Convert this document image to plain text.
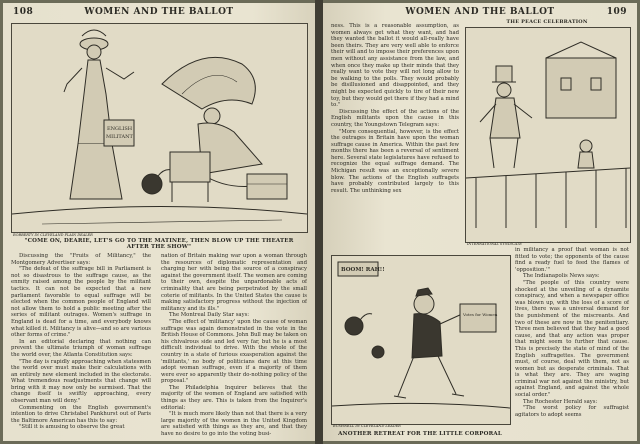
108	WOMEN AND THE BALLOT
ENGLISH
MILITANT
ROBBERTY IN CLEVELAND PLAIN DEALER
"COME ON, DEARIE, LET'S GO TO THE MATINEE, THEN BLOW UP THE THEATER AFTER THE SHOW"

Discussing the "Fruits of Militancy," the Montgomery Advertiser says:

"The defeat of the suffrage bill in Parliament is not so disastrous to the suffrage cause, as the enmity raised among the people by the militant tactics. It can not be expected that a new parliament favorable to equal suffrage will be elected when the common people of England will not allow them to hold a public meeting after the series of militant outrages. Women's suffrage in England is dead for a time, and everybody knows what killed it. Militancy is alive—and so are various other forms of crime."

In an editorial declaring that nothing can prevent the ultimate triumph of woman suffrage the world over, the Atlanta Constitution says:

"The day is rapidly approaching when statesmen the world over must make their calculations with an entirely new element included in the electorate. What tremendous readjustments that change will bring with it may now only be surmised. That the change itself is swiftly approaching, every observant man will deny."

Commenting on the English government's intention to drive Christabel Pankhurst out of Paris the Baltimore American has this to say:

"Still it is amusing to observe the great

nation of Britain making war upon a woman through the resources of diplomatic representation and charging her with being the source of a conspiracy against the government itself. The women are coming to their own, despite the unpardonable acts of criminality that are being perpetrated by the small coterie of militants. In the United States the cause is making satisfactory progress without the injection of militancy and its ills."

The Montreal Daily Star says:

"The effect of 'militancy' upon the cause of woman suffrage was again demonstrated in the vote in the British House of Commons. John Bull may be taken on his chivalrous side and led very far, but he is a most difficult individual to drive. With the whole of the country in a state of furious exasperation against the 'militants,' no body of politicians dare at this time adopt woman suffrage, even if a majority of them were ever so apparently their do-nothing policy of the proposal."

The Philadelphia Inquirer believes that the majority of the women of England are satisfied with things as they are. This is taken from the Inquirer's editorial:

"It is much more likely than not that there is a very large majority of the women in the United Kingdom are satisfied with things as they are, and that they have no desire to go into the voting busi-

WOMEN AND THE BALLOT	109

ness. This is a reasonable assumption, as women always get what they want, and had they wanted the ballot it would all-really have been theirs. They are very well able to enforce their will and to impose their preferences upon men without any assistance from the law, and when once they make up their minds that they really want to vote they will not long allow to be walking to the polls. They would probably be disillusioned and disappointed, and they might be expected quickly to tire of their new toy, but they would get there if they had a mind to."

Discussing the effect of the actions of the English militants upon the cause in this country, the Youngstown Telegram says:

"More consequential, however, is the effect the outrages in Britain have upon the woman suffrage cause in America. Within the past few months there has been a reversal of sentiment here. Several state legislatures have refused to recognize the equal suffrage demand. The Michigan result was an exceptionally severe blow. The actions of the English suffragets have probably contributed largely to this result. The unthinking sex

THE PEACE CELEBRATION
INTERNATIONAL SYNDICATE
BOOM! RAH!!
Votes for Women
BUSHNELL IN CLEVELAND LEADER
ANOTHER RETREAT FOR THE LITTLE CORPORAL

in militancy a proof that woman is not fitted to vote; the opponents of the cause find a ready fuel to feed the flames of 'opposition.'"

The Indianapolis News says:

"The people of this country were shocked at the unveiling of a dynamite conspiracy, and when a newspaper office was blown up, with the loss of a score of lives, there was a universal demand for the punishment of the miscreants. And two of these are now in the penitentiary. Three men believed that they had a good cause, and that any action was proper that might seem to further that cause. This is precisely the state of mind of the English suffragettes. The government must, of course, deal with them, not as women but as desperate criminals. That is what they are. They are waging criminal war not against the ministry, but against England, and against the whole social order."

The Rochester Herald says:

"The worst policy for suffragist agitators to adopt seems
